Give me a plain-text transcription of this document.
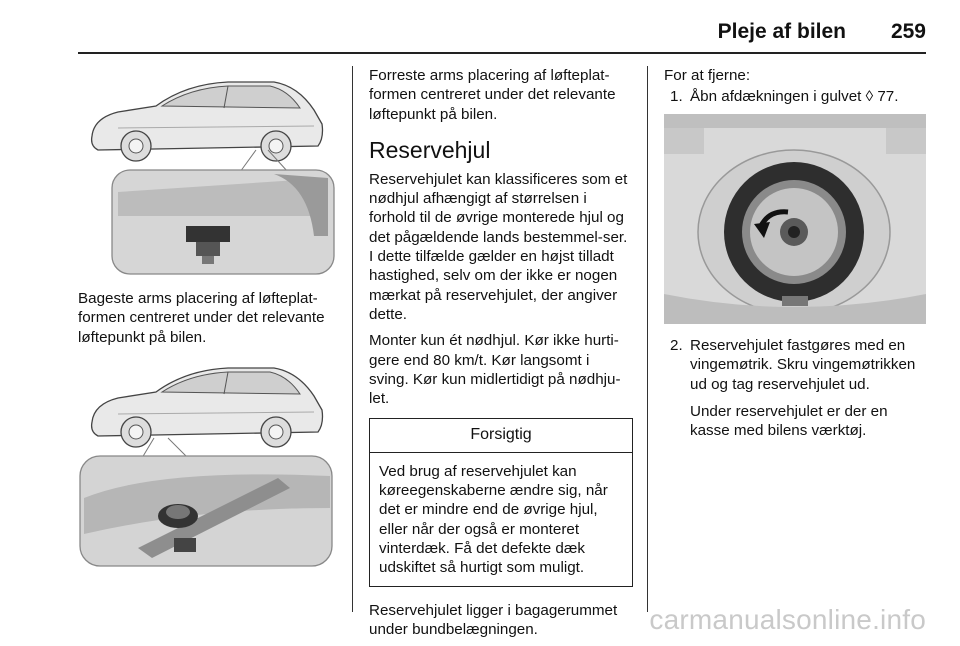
Pleje af bilen 259

Bageste arms placering af løfteplat-formen centreret under det relevante løftepunkt på bilen.

Forreste arms placering af løfteplat-formen centreret under det relevante løftepunkt på bilen.

Reservehjul

Reservehjulet kan klassificeres som et nødhjul afhængigt af størrelsen i forhold til de øvrige monterede hjul og det pågældende lands bestemmel-ser. I dette tilfælde gælder en højst tilladt hastighed, selv om der ikke er nogen mærkat på reservehjulet, der angiver dette.

Monter kun ét nødhjul. Kør ikke hurti-gere end 80 km/t. Kør langsomt i sving. Kør kun midlertidigt på nødhju-let.

Forsigtig
Ved brug af reservehjulet kan køreegenskaberne ændre sig, når det er mindre end de øvrige hjul, eller når der også er monteret vinterdæk. Få det defekte dæk udskiftet så hurtigt som muligt.

Reservehjulet ligger i bagagerummet under bundbelægningen.

For at fjerne:

1. Åbn afdækningen i gulvet ◊ 77.
2. Reservehjulet fastgøres med en vingemøtrik. Skru vingemøtrikken ud og tag reservehjulet ud.
Under reservehjulet er der en kasse med bilens værktøj.
carmanualsonline.info
